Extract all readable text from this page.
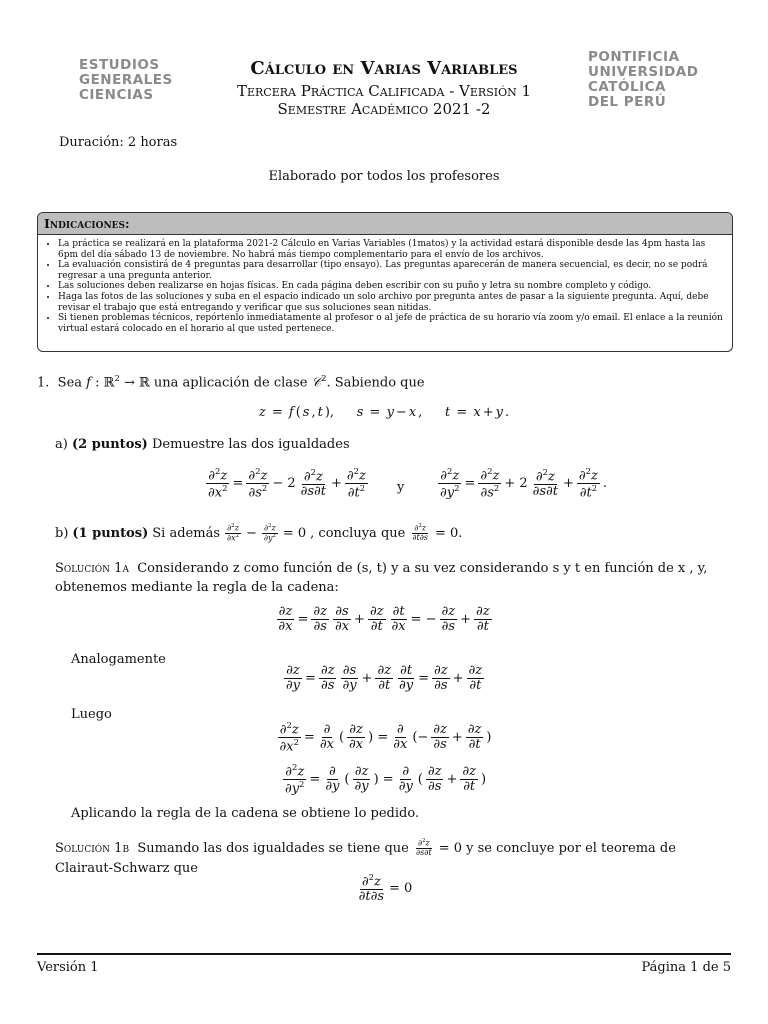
ESTUDIOS
GENERALES
CIENCIAS
PONTIFICIA
UNIVERSIDAD
CATÓLICA
DEL PERÚ
Cálculo en Varias Variables
Tercera Práctica Calificada - Versión 1
Semestre Académico 2021 -2
Duración: 2 horas
Elaborado por todos los profesores
Indicaciones:
• La práctica se realizará en la plataforma 2021-2 Cálculo en Varias Variables (1matos) y la actividad estará disponible desde las 4pm hasta las 6pm del día sábado 13 de noviembre. No habrá más tiempo complementario para el envío de los archivos.
• La evaluación consistirá de 4 preguntas para desarrollar (tipo ensayo). Las preguntas aparecerán de manera secuencial, es decir, no se podrá regresar a una pregunta anterior.
• Las soluciones deben realizarse en hojas físicas. En cada página deben escribir con su puño y letra su nombre completo y código.
• Haga las fotos de las soluciones y suba en el espacio indicado un solo archivo por pregunta antes de pasar a la siguiente pregunta. Aquí, debe revisar el trabajo que está entregando y verificar que sus soluciones sean nitidas.
• Si tienen problemas técnicos, repórtenlo inmediatamente al profesor o al jefe de práctica de su horario vía zoom y/o email. El enlace a la reunión virtual estará colocado en el horario al que usted pertenece.
1. Sea f : ℝ$^2$ → ℝ una aplicación de clase 𝒞$^2$. Sabiendo que
z = f ( s , t ), s = y − x , t = x + y .
a) (2 puntos) Demuestre las dos igualdades
$\frac{\partial^2z}{\partial x^2} = \frac{\partial^2z}{\partial s^2} - 2 \frac{\partial^2z}{\partial s\partial t} + \frac{\partial^2z}{\partial t^2}$ y	$\frac{\partial^2z}{\partial y^2} = \frac{\partial^2z}{\partial s^2} + 2 \frac{\partial^2z}{\partial s\partial t} + \frac{\partial^2z}{\partial t^2}$ .
b) (1 puntos) Si además $\frac{\partial^2z}{\partial x^2} - \frac{\partial^2z}{\partial y^2} = 0$ , concluya que $\frac{\partial^2z}{\partial t\partial s} = 0$.
Solución 1a Considerando z como función de (s, t) y a su vez considerando s y t en función de x , y, obtenemos mediante la regla de la cadena:
$\frac{\partial z}{\partial x} = \frac{\partial z}{\partial s} \frac{\partial s}{\partial x} + \frac{\partial z}{\partial t} \frac{\partial t}{\partial x}$ = − $\frac{\partial z}{\partial s} + \frac{\partial z}{\partial t}$
Analogamente
$\frac{\partial z}{\partial y} = \frac{\partial z}{\partial s} \frac{\partial s}{\partial y} + \frac{\partial z}{\partial t} \frac{\partial t}{\partial y} = \frac{\partial z}{\partial s} + \frac{\partial z}{\partial t}$
Luego
$\frac{\partial^2z}{\partial x^2} = \frac{\partial}{\partial x}$ ( $\frac{\partial z}{\partial x}$ ) = $\frac{\partial}{\partial x}$ (− $\frac{\partial z}{\partial s} + \frac{\partial z}{\partial t}$ )
$\frac{\partial^2z}{\partial y^2} = \frac{\partial}{\partial y}$ ( $\frac{\partial z}{\partial y}$ ) = $\frac{\partial}{\partial y}$ ( $\frac{\partial z}{\partial s} + \frac{\partial z}{\partial t}$ )
Aplicando la regla de la cadena se obtiene lo pedido.
Solución 1b Sumando las dos igualdades se tiene que $\frac{\partial^2z}{\partial s\partial t} = 0$ y se concluye por el teorema de Clairaut-Schwarz que
$\frac{\partial^2z}{\partial t\partial s} = 0$
Versión 1	Página 1 de 5
